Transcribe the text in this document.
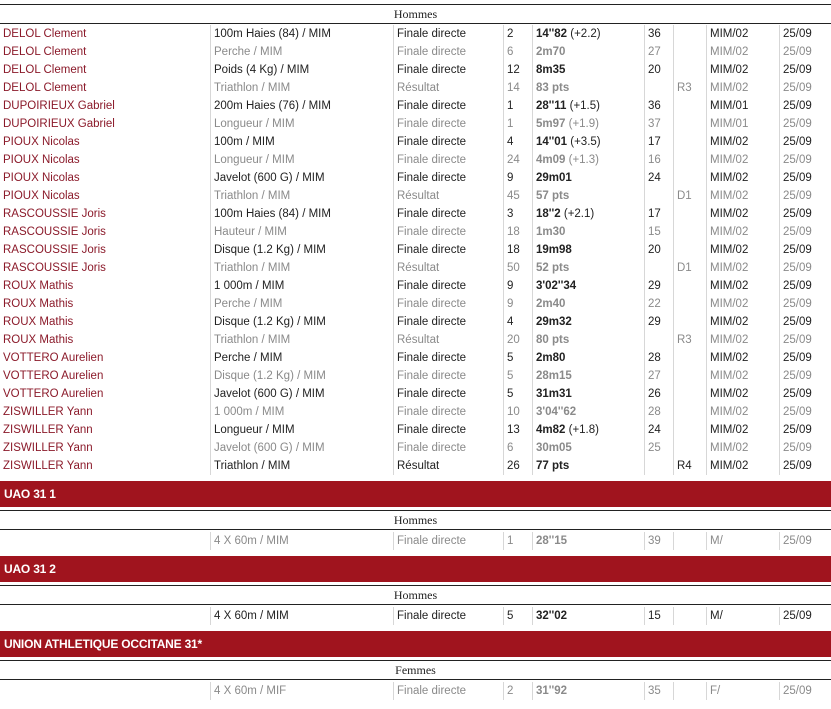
Hommes
DELOL Clement	100m Haies (84) / MIM	Finale directe	2	14''82 (+2.2)	36	MIM/02	25/09
DELOL Clement	Perche / MIM	Finale directe	6	2m70	27	MIM/02	25/09
DELOL Clement	Poids (4 Kg) / MIM	Finale directe	12	8m35	20	MIM/02	25/09
DELOL Clement	Triathlon / MIM	Résultat	14	83 pts	R3	MIM/02	25/09
DUPOIRIEUX Gabriel	200m Haies (76) / MIM	Finale directe	1	28''11 (+1.5)	36	MIM/01	25/09
DUPOIRIEUX Gabriel	Longueur / MIM	Finale directe	1	5m97 (+1.9)	37	MIM/01	25/09
PIOUX Nicolas	100m / MIM	Finale directe	4	14''01 (+3.5)	17	MIM/02	25/09
PIOUX Nicolas	Longueur / MIM	Finale directe	24	4m09 (+1.3)	16	MIM/02	25/09
PIOUX Nicolas	Javelot (600 G) / MIM	Finale directe	9	29m01	24	MIM/02	25/09
PIOUX Nicolas	Triathlon / MIM	Résultat	45	57 pts	D1	MIM/02	25/09
RASCOUSSIE Joris	100m Haies (84) / MIM	Finale directe	3	18''2 (+2.1)	17	MIM/02	25/09
RASCOUSSIE Joris	Hauteur / MIM	Finale directe	18	1m30	15	MIM/02	25/09
RASCOUSSIE Joris	Disque (1.2 Kg) / MIM	Finale directe	18	19m98	20	MIM/02	25/09
RASCOUSSIE Joris	Triathlon / MIM	Résultat	50	52 pts	D1	MIM/02	25/09
ROUX Mathis	1 000m / MIM	Finale directe	9	3'02''34	29	MIM/02	25/09
ROUX Mathis	Perche / MIM	Finale directe	9	2m40	22	MIM/02	25/09
ROUX Mathis	Disque (1.2 Kg) / MIM	Finale directe	4	29m32	29	MIM/02	25/09
ROUX Mathis	Triathlon / MIM	Résultat	20	80 pts	R3	MIM/02	25/09
VOTTERO Aurelien	Perche / MIM	Finale directe	5	2m80	28	MIM/02	25/09
VOTTERO Aurelien	Disque (1.2 Kg) / MIM	Finale directe	5	28m15	27	MIM/02	25/09
VOTTERO Aurelien	Javelot (600 G) / MIM	Finale directe	5	31m31	26	MIM/02	25/09
ZISWILLER Yann	1 000m / MIM	Finale directe	10	3'04''62	28	MIM/02	25/09
ZISWILLER Yann	Longueur / MIM	Finale directe	13	4m82 (+1.8)	24	MIM/02	25/09
ZISWILLER Yann	Javelot (600 G) / MIM	Finale directe	6	30m05	25	MIM/02	25/09
ZISWILLER Yann	Triathlon / MIM	Résultat	26	77 pts	R4	MIM/02	25/09
UAO 31 1
Hommes
4 X 60m / MIM	Finale directe	1	28''15	39	M/	25/09
UAO 31 2
Hommes
4 X 60m / MIM	Finale directe	5	32''02	15	M/	25/09
UNION ATHLETIQUE OCCITANE 31*
Femmes
4 X 60m / MIF	Finale directe	2	31''92	35	F/	25/09
